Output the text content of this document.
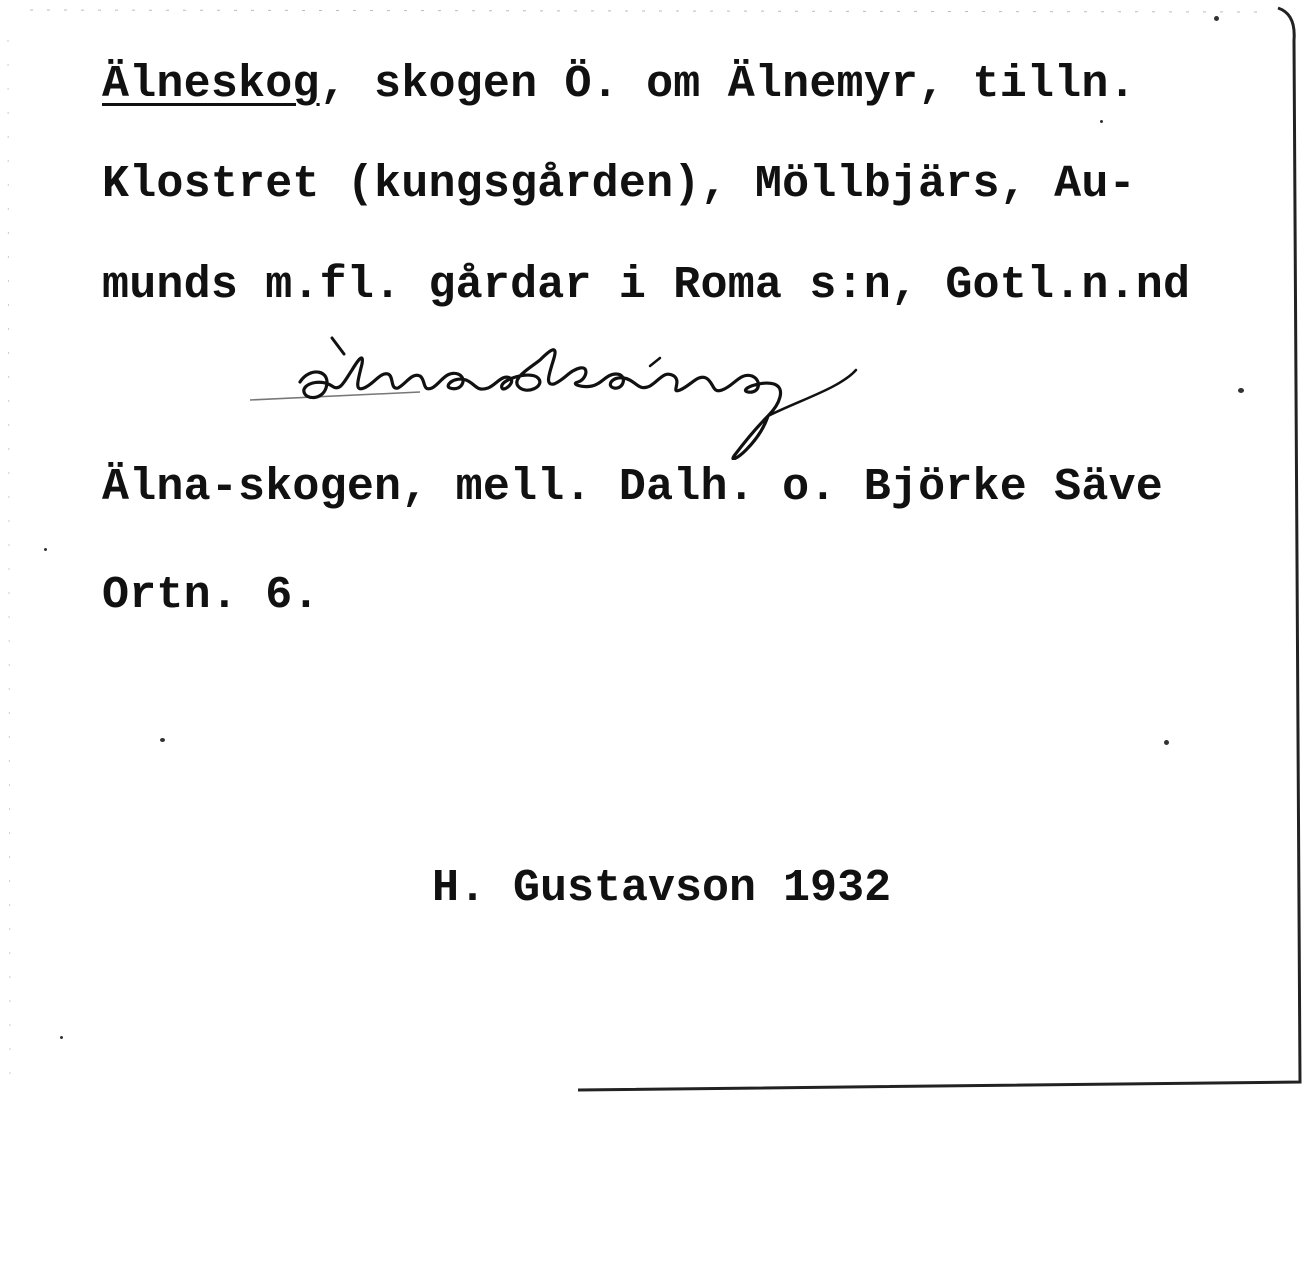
Älneskog, skogen Ö. om Älnemyr, tilln.
Klostret (kungsgården), Möllbjärs, Au-
munds m.fl. gårdar i Roma s:n, Gotl.n.nd
Älna-skogen, mell. Dalh. o. Björke Säve
Ortn. 6.
H. Gustavson 1932
